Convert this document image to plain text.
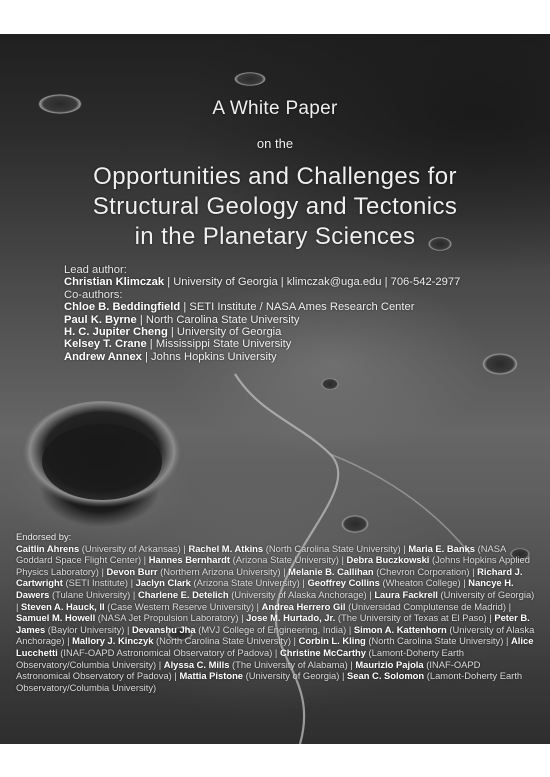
A White Paper
on the
Opportunities and Challenges for
Structural Geology and Tectonics
in the Planetary Sciences
Lead author:
Christian Klimczak | University of Georgia | klimczak@uga.edu | 706-542-2977
Co-authors:
Chloe B. Beddingfield | SETI Institute / NASA Ames Research Center
Paul K. Byrne | North Carolina State University
H. C. Jupiter Cheng | University of Georgia
Kelsey T. Crane | Mississippi State University
Andrew Annex | Johns Hopkins University
Endorsed by:
Caitlin Ahrens (University of Arkansas) | Rachel M. Atkins (North Carolina State University) | Maria E. Banks (NASA Goddard Space Flight Center) | Hannes Bernhardt (Arizona State University) | Debra Buczkowski (Johns Hopkins Applied Physics Laboratory) | Devon Burr (Northern Arizona University) | Melanie B. Callihan (Chevron Corporation) | Richard J. Cartwright (SETI Institute) | Jaclyn Clark (Arizona State University) | Geoffrey Collins (Wheaton College) | Nancye H. Dawers (Tulane University) | Charlene E. Detelich (University of Alaska Anchorage) | Laura Fackrell (University of Georgia) | Steven A. Hauck, II (Case Western Reserve University) | Andrea Herrero Gil (Universidad Complutense de Madrid) | Samuel M. Howell (NASA Jet Propulsion Laboratory) | Jose M. Hurtado, Jr. (The University of Texas at El Paso) | Peter B. James (Baylor University) | Devanshu Jha (MVJ College of Engineering, India) | Simon A. Kattenhorn (University of Alaska Anchorage) | Mallory J. Kinczyk (North Carolina State University) | Corbin L. Kling (North Carolina State University) | Alice Lucchetti (INAF-OAPD Astronomical Observatory of Padova) | Christine McCarthy (Lamont-Doherty Earth Observatory/Columbia University) | Alyssa C. Mills (The University of Alabama) | Maurizio Pajola (INAF-OAPD Astronomical Observatory of Padova) | Mattia Pistone (University of Georgia) | Sean C. Solomon (Lamont-Doherty Earth Observatory/Columbia University)
